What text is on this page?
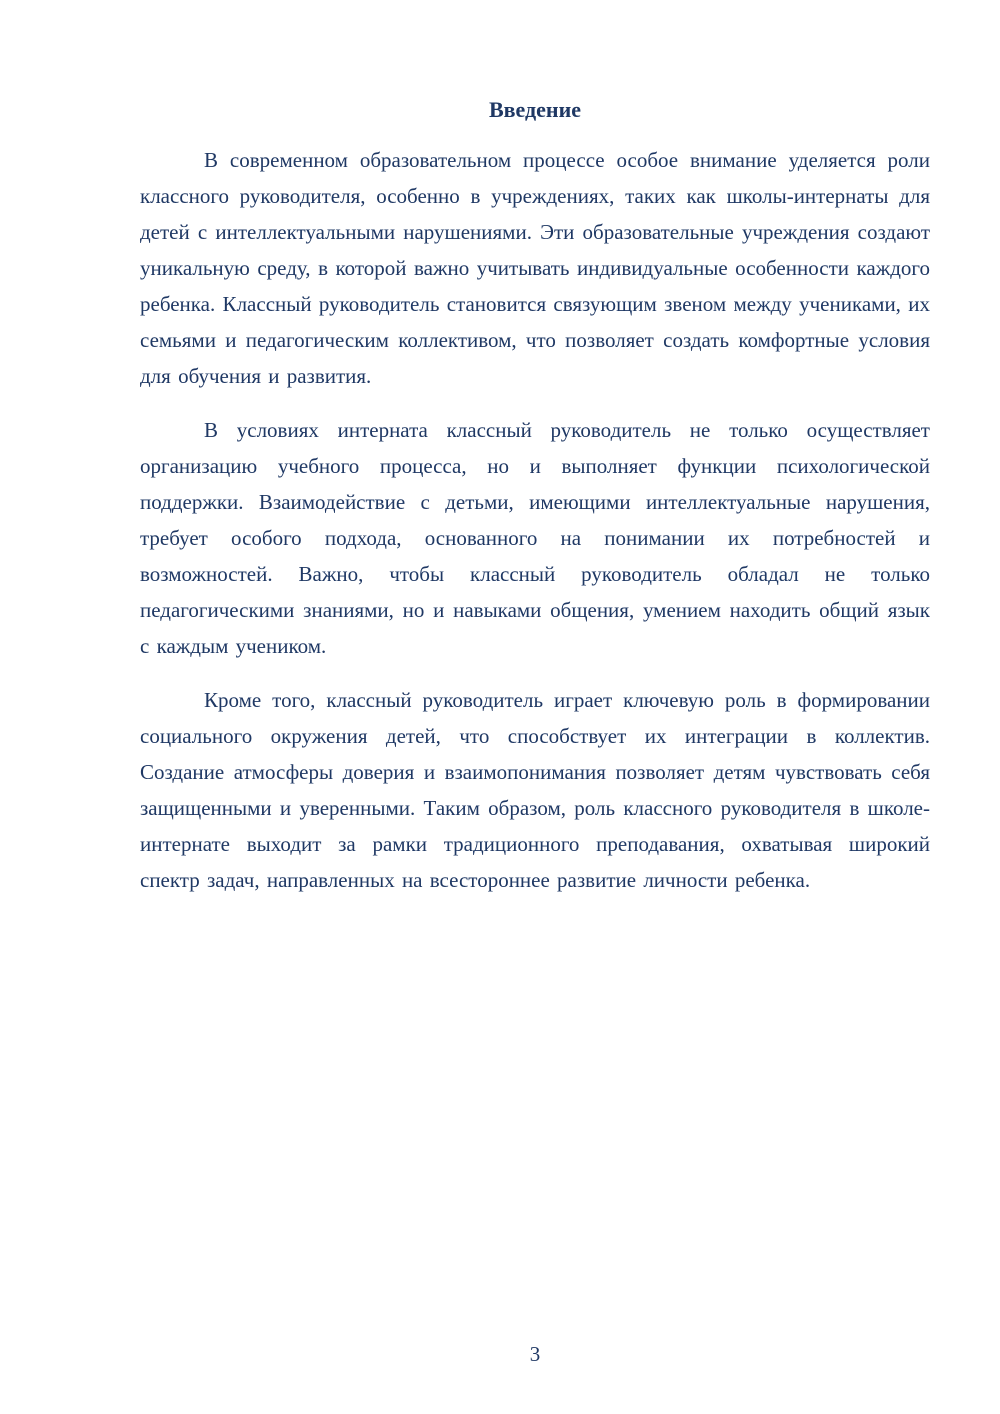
Введение

В современном образовательном процессе особое внимание уделяется роли классного руководителя, особенно в учреждениях, таких как школы-интернаты для детей с интеллектуальными нарушениями. Эти образовательные учреждения создают уникальную среду, в которой важно учитывать индивидуальные особенности каждого ребенка. Классный руководитель становится связующим звеном между учениками, их семьями и педагогическим коллективом, что позволяет создать комфортные условия для обучения и развития.

В условиях интерната классный руководитель не только осуществляет организацию учебного процесса, но и выполняет функции психологической поддержки. Взаимодействие с детьми, имеющими интеллектуальные нарушения, требует особого подхода, основанного на понимании их потребностей и возможностей. Важно, чтобы классный руководитель обладал не только педагогическими знаниями, но и навыками общения, умением находить общий язык с каждым учеником.

Кроме того, классный руководитель играет ключевую роль в формировании социального окружения детей, что способствует их интеграции в коллектив. Создание атмосферы доверия и взаимопонимания позволяет детям чувствовать себя защищенными и уверенными. Таким образом, роль классного руководителя в школе-интернате выходит за рамки традиционного преподавания, охватывая широкий спектр задач, направленных на всестороннее развитие личности ребенка.

3
